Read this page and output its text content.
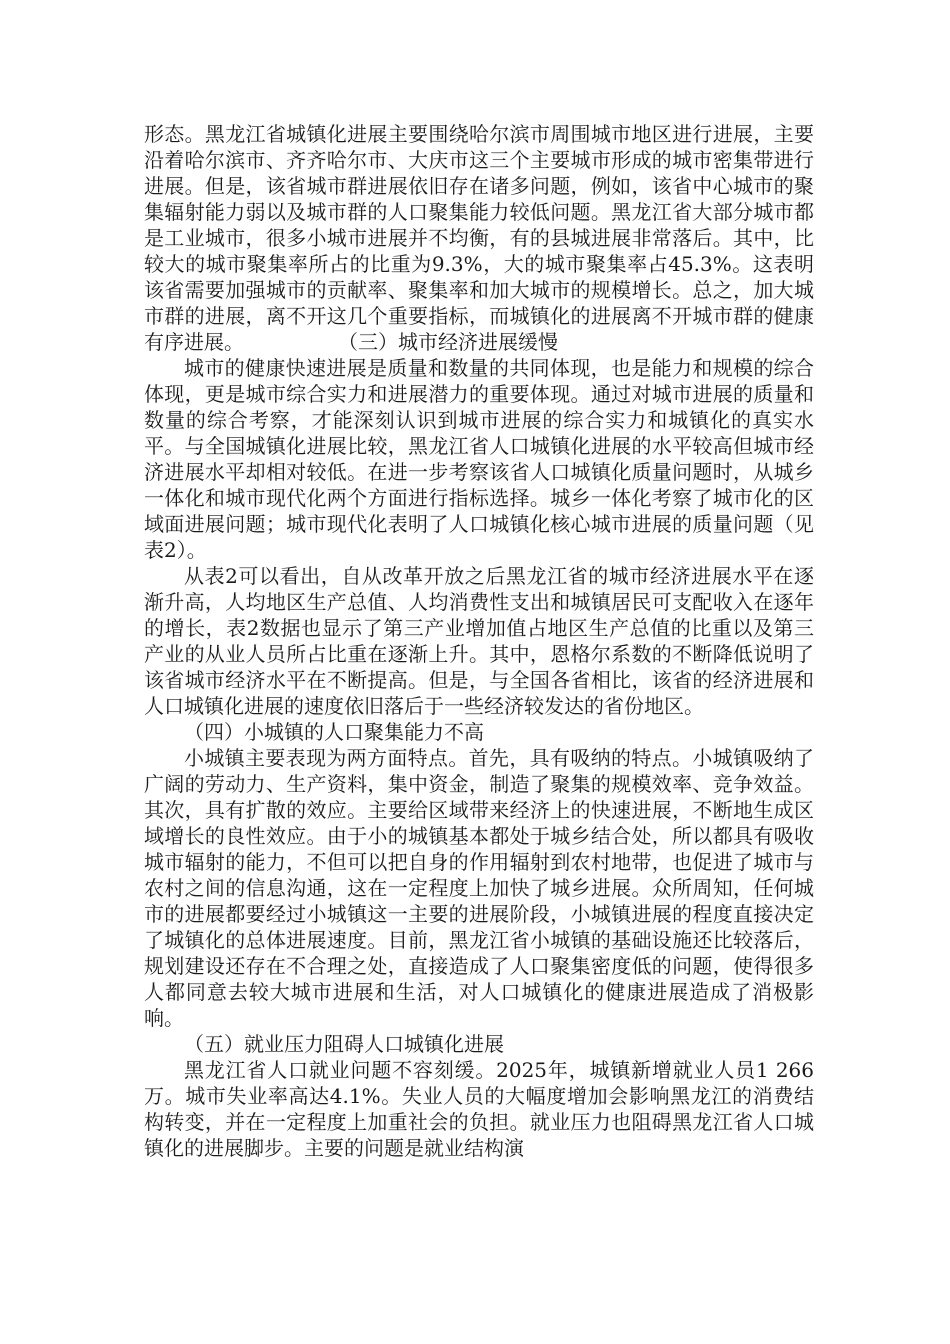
形态。黑龙江省城镇化进展主要围绕哈尔滨市周围城市地区进行进展，主要沿着哈尔滨市、齐齐哈尔市、大庆市这三个主要城市形成的城市密集带进行进展。但是，该省城市群进展依旧存在诸多问题，例如，该省中心城市的聚集辐射能力弱以及城市群的人口聚集能力较低问题。黑龙江省大部分城市都是工业城市，很多小城市进展并不均衡，有的县城进展非常落后。其中，比较大的城市聚集率所占的比重为9.3%，大的城市聚集率占45.3%。这表明该省需要加强城市的贡献率、聚集率和加大城市的规模增长。总之，加大城市群的进展，离不开这几个重要指标，而城镇化的进展离不开城市群的健康有序进展。	（三）城市经济进展缓慢

城市的健康快速进展是质量和数量的共同体现，也是能力和规模的综合体现，更是城市综合实力和进展潜力的重要体现。通过对城市进展的质量和数量的综合考察，才能深刻认识到城市进展的综合实力和城镇化的真实水平。与全国城镇化进展比较，黑龙江省人口城镇化进展的水平较高但城市经济进展水平却相对较低。在进一步考察该省人口城镇化质量问题时，从城乡一体化和城市现代化两个方面进行指标选择。城乡一体化考察了城市化的区域面进展问题；城市现代化表明了人口城镇化核心城市进展的质量问题（见表2）。

从表2可以看出，自从改革开放之后黑龙江省的城市经济进展水平在逐渐升高，人均地区生产总值、人均消费性支出和城镇居民可支配收入在逐年的增长，表2数据也显示了第三产业增加值占地区生产总值的比重以及第三产业的从业人员所占比重在逐渐上升。其中，恩格尔系数的不断降低说明了该省城市经济水平在不断提高。但是，与全国各省相比，该省的经济进展和人口城镇化进展的速度依旧落后于一些经济较发达的省份地区。

（四）小城镇的人口聚集能力不高

小城镇主要表现为两方面特点。首先，具有吸纳的特点。小城镇吸纳了广阔的劳动力、生产资料，集中资金，制造了聚集的规模效率、竞争效益。其次，具有扩散的效应。主要给区域带来经济上的快速进展，不断地生成区域增长的良性效应。由于小的城镇基本都处于城乡结合处，所以都具有吸收城市辐射的能力，不但可以把自身的作用辐射到农村地带，也促进了城市与农村之间的信息沟通，这在一定程度上加快了城乡进展。众所周知，任何城市的进展都要经过小城镇这一主要的进展阶段，小城镇进展的程度直接决定了城镇化的总体进展速度。目前，黑龙江省小城镇的基础设施还比较落后，规划建设还存在不合理之处，直接造成了人口聚集密度低的问题，使得很多人都同意去较大城市进展和生活，对人口城镇化的健康进展造成了消极影响。

（五）就业压力阻碍人口城镇化进展

黑龙江省人口就业问题不容刻缓。2025年，城镇新增就业人员1 266万。城市失业率高达4.1%。失业人员的大幅度增加会影响黑龙江的消费结构转变，并在一定程度上加重社会的负担。就业压力也阻碍黑龙江省人口城镇化的进展脚步。主要的问题是就业结构演
